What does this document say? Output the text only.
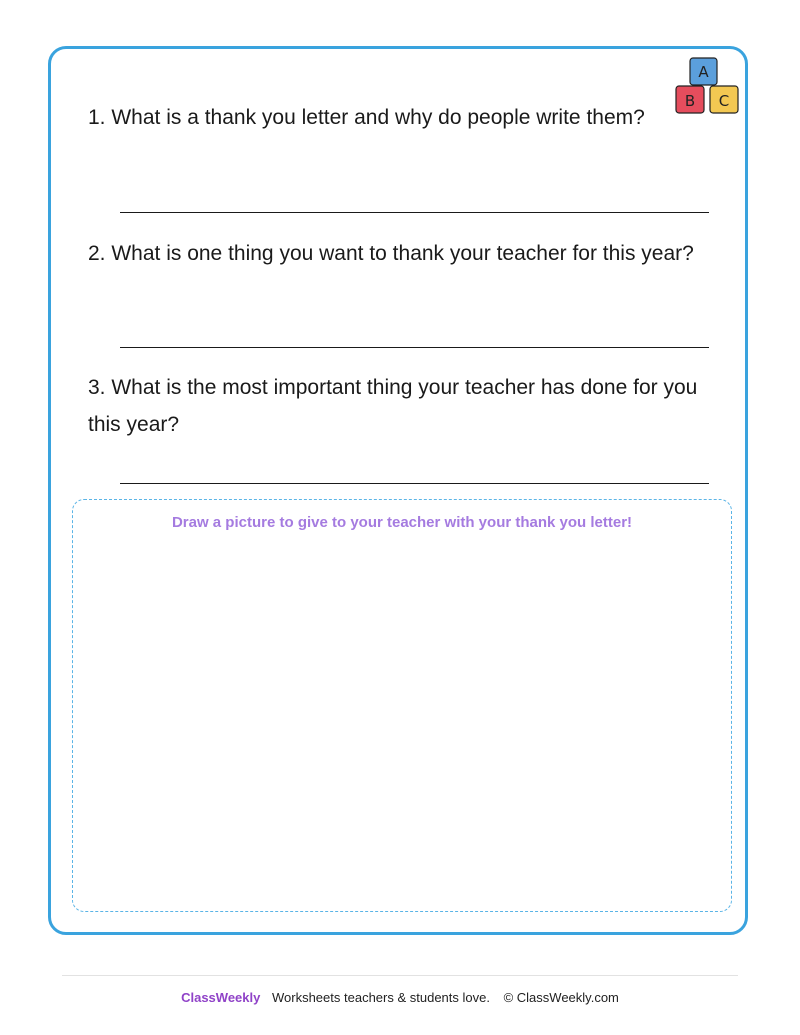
A
B C

1. What is a thank you letter and why do people write them?

2. What is one thing you want to thank your teacher for this year?

3. What is the most important thing your teacher has done for you this year?

Draw a picture to give to your teacher with your thank you letter!
ClassWeekly Worksheets teachers & students love. © ClassWeekly.com
